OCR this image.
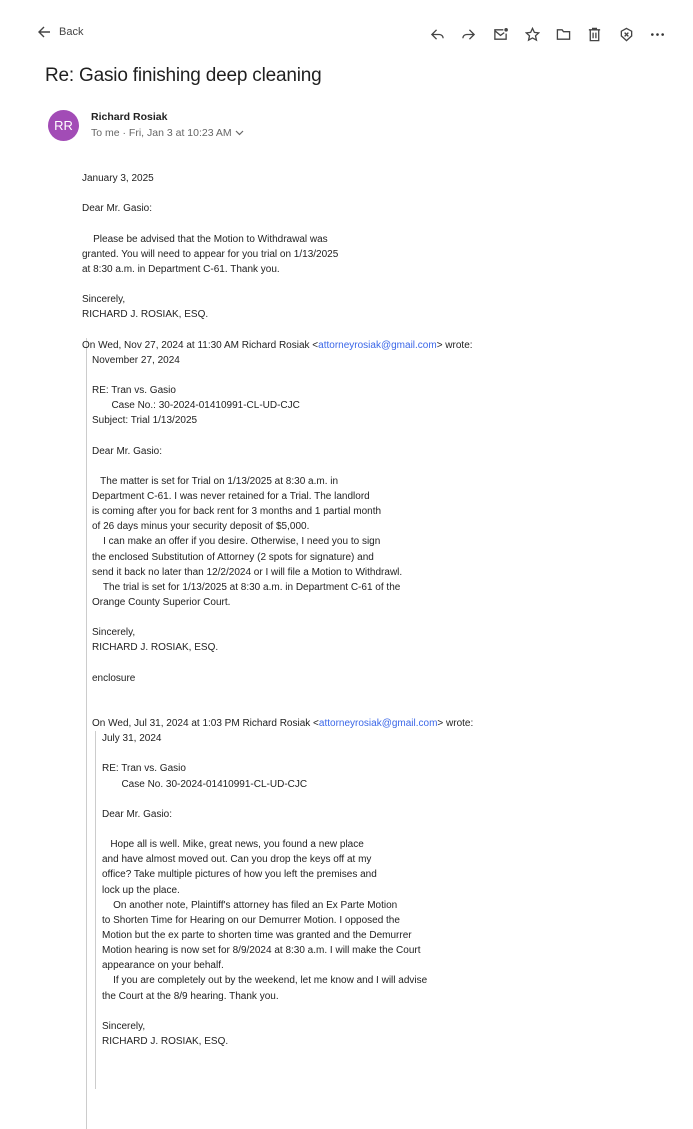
Back
Re: Gasio finishing deep cleaning
RR
Richard Rosiak
To me · Fri, Jan 3 at 10:23 AM
January 3, 2025
Dear Mr. Gasio:
Please be advised that the Motion to Withdrawal was
granted. You will need to appear for you trial on 1/13/2025
at 8:30 a.m. in Department C-61. Thank you.
Sincerely,
RICHARD J. ROSIAK, ESQ.
On Wed, Nov 27, 2024 at 11:30 AM Richard Rosiak <attorneyrosiak@gmail.com> wrote:
November 27, 2024
RE: Tran vs. Gasio
Case No.: 30-2024-01410991-CL-UD-CJC
Subject: Trial 1/13/2025
Dear Mr. Gasio:
The matter is set for Trial on 1/13/2025 at 8:30 a.m. in
Department C-61. I was never retained for a Trial. The landlord
is coming after you for back rent for 3 months and 1 partial month
of 26 days minus your security deposit of $5,000.
I can make an offer if you desire. Otherwise, I need you to sign
the enclosed Substitution of Attorney (2 spots for signature) and
send it back no later than 12/2/2024 or I will file a Motion to Withdrawl.
The trial is set for 1/13/2025 at 8:30 a.m. in Department C-61 of the
Orange County Superior Court.
Sincerely,
RICHARD J. ROSIAK, ESQ.
enclosure
On Wed, Jul 31, 2024 at 1:03 PM Richard Rosiak <attorneyrosiak@gmail.com> wrote:
July 31, 2024
RE: Tran vs. Gasio
Case No. 30-2024-01410991-CL-UD-CJC
Dear Mr. Gasio:
Hope all is well. Mike, great news, you found a new place
and have almost moved out. Can you drop the keys off at my
office? Take multiple pictures of how you left the premises and
lock up the place.
On another note, Plaintiff's attorney has filed an Ex Parte Motion
to Shorten Time for Hearing on our Demurrer Motion. I opposed the
Motion but the ex parte to shorten time was granted and the Demurrer
Motion hearing is now set for 8/9/2024 at 8:30 a.m. I will make the Court
appearance on your behalf.
If you are completely out by the weekend, let me know and I will advise
the Court at the 8/9 hearing. Thank you.
Sincerely,
RICHARD J. ROSIAK, ESQ.
